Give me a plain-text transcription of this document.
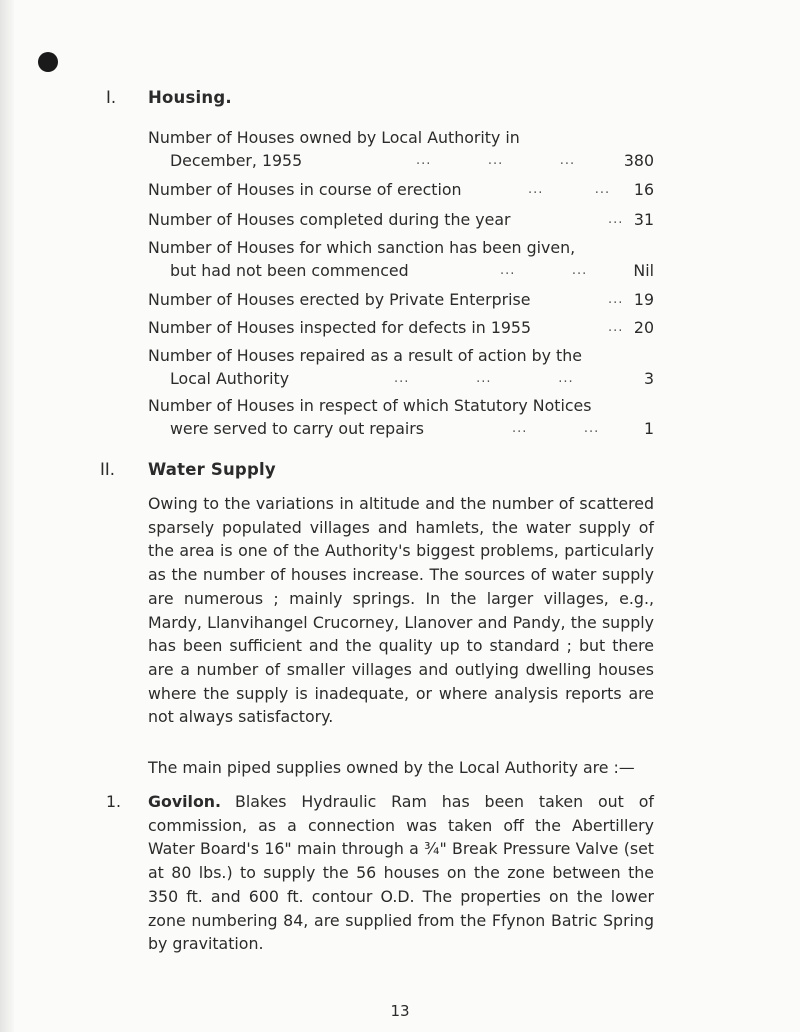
I. Housing.
Number of Houses owned by Local Authority in
December, 1955	...           ...           ...	380
Number of Houses in course of erection	...          ... 16
Number of Houses completed during the year	... 31
Number of Houses for which sanction has been given,
but had not been commenced	...           ...	Nil
Number of Houses erected by Private Enterprise	... 19
Number of Houses inspected for defects in 1955	... 20
Number of Houses repaired as a result of action by the
Local Authority	...             ...             ...	3
Number of Houses in respect of which Statutory Notices
were served to carry out repairs	...           ...	1
II. Water Supply

Owing to the variations in altitude and the number of scattered sparsely populated villages and hamlets, the water supply of the area is one of the Authority's biggest problems, particularly as the number of houses increase. The sources of water supply are numerous ; mainly springs. In the larger villages, e.g., Mardy, Llanvihangel Crucorney, Llanover and Pandy, the supply has been sufficient and the quality up to standard ; but there are a number of smaller villages and outlying dwelling houses where the supply is inadequate, or where analysis reports are not always satisfactory.

The main piped supplies owned by the Local Authority are :—
1. Govilon. Blakes Hydraulic Ram has been taken out of commission, as a connection was taken off the Abertillery Water Board's 16" main through a ¾" Break Pressure Valve (set at 80 lbs.) to supply the 56 houses on the zone between the 350 ft. and 600 ft. contour O.D. The properties on the lower zone numbering 84, are supplied from the Ffynon Batric Spring by gravitation.

13
